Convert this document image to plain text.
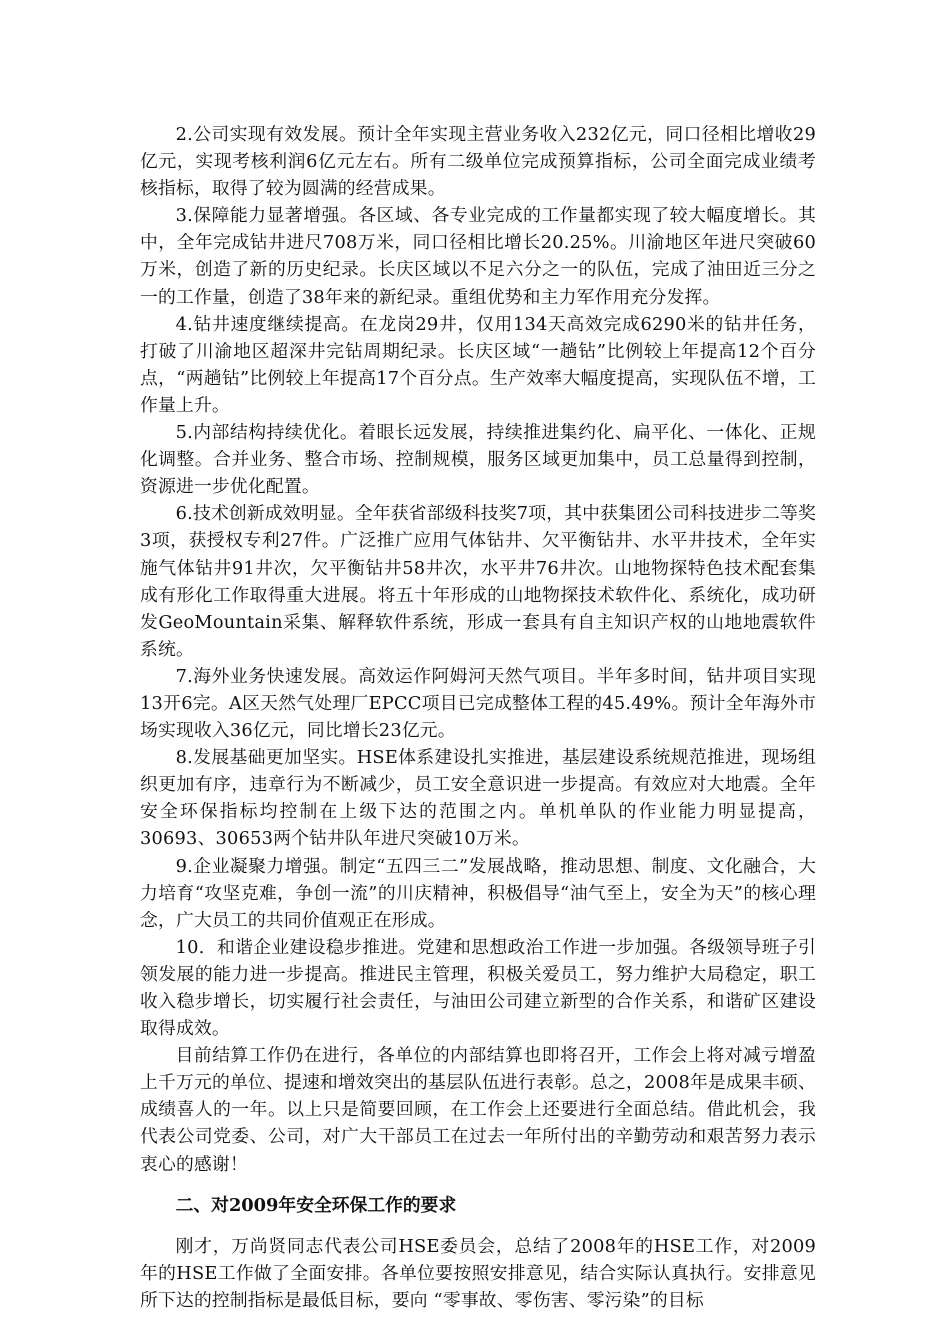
2.公司实现有效发展。预计全年实现主营业务收入232亿元，同口径相比增收29亿元，实现考核利润6亿元左右。所有二级单位完成预算指标，公司全面完成业绩考核指标，取得了较为圆满的经营成果。

3.保障能力显著增强。各区域、各专业完成的工作量都实现了较大幅度增长。其中，全年完成钻井进尺708万米，同口径相比增长20.25%。川渝地区年进尺突破60万米，创造了新的历史纪录。长庆区域以不足六分之一的队伍，完成了油田近三分之一的工作量，创造了38年来的新纪录。重组优势和主力军作用充分发挥。

4.钻井速度继续提高。在龙岗29井，仅用134天高效完成6290米的钻井任务，打破了川渝地区超深井完钻周期纪录。长庆区域“一趟钻”比例较上年提高12个百分点，“两趟钻”比例较上年提高17个百分点。生产效率大幅度提高，实现队伍不增，工作量上升。

5.内部结构持续优化。着眼长远发展，持续推进集约化、扁平化、一体化、正规化调整。合并业务、整合市场、控制规模，服务区域更加集中，员工总量得到控制，资源进一步优化配置。

6.技术创新成效明显。全年获省部级科技奖7项，其中获集团公司科技进步二等奖3项，获授权专利27件。广泛推广应用气体钻井、欠平衡钻井、水平井技术，全年实施气体钻井91井次，欠平衡钻井58井次，水平井76井次。山地物探特色技术配套集成有形化工作取得重大进展。将五十年形成的山地物探技术软件化、系统化，成功研发GeoMountain采集、解释软件系统，形成一套具有自主知识产权的山地地震软件系统。

7.海外业务快速发展。高效运作阿姆河天然气项目。半年多时间，钻井项目实现13开6完。A区天然气处理厂EPCC项目已完成整体工程的45.49%。预计全年海外市场实现收入36亿元，同比增长23亿元。

8.发展基础更加坚实。HSE体系建设扎实推进，基层建设系统规范推进，现场组织更加有序，违章行为不断减少，员工安全意识进一步提高。有效应对大地震。全年安全环保指标均控制在上级下达的范围之内。单机单队的作业能力明显提高，30693、30653两个钻井队年进尺突破10万米。

9.企业凝聚力增强。制定“五四三二”发展战略，推动思想、制度、文化融合，大力培育“攻坚克难，争创一流”的川庆精神，积极倡导“油气至上，安全为天”的核心理念，广大员工的共同价值观正在形成。

10．和谐企业建设稳步推进。党建和思想政治工作进一步加强。各级领导班子引领发展的能力进一步提高。推进民主管理，积极关爱员工，努力维护大局稳定，职工收入稳步增长，切实履行社会责任，与油田公司建立新型的合作关系，和谐矿区建设取得成效。

目前结算工作仍在进行，各单位的内部结算也即将召开，工作会上将对减亏增盈上千万元的单位、提速和增效突出的基层队伍进行表彰。总之，2008年是成果丰硕、成绩喜人的一年。以上只是简要回顾，在工作会上还要进行全面总结。借此机会，我代表公司党委、公司，对广大干部员工在过去一年所付出的辛勤劳动和艰苦努力表示衷心的感谢！

二、对2009年安全环保工作的要求

刚才，万尚贤同志代表公司HSE委员会，总结了2008年的HSE工作，对2009年的HSE工作做了全面安排。各单位要按照安排意见，结合实际认真执行。安排意见所下达的控制指标是最低目标，要向 “零事故、零伤害、零污染”的目标
